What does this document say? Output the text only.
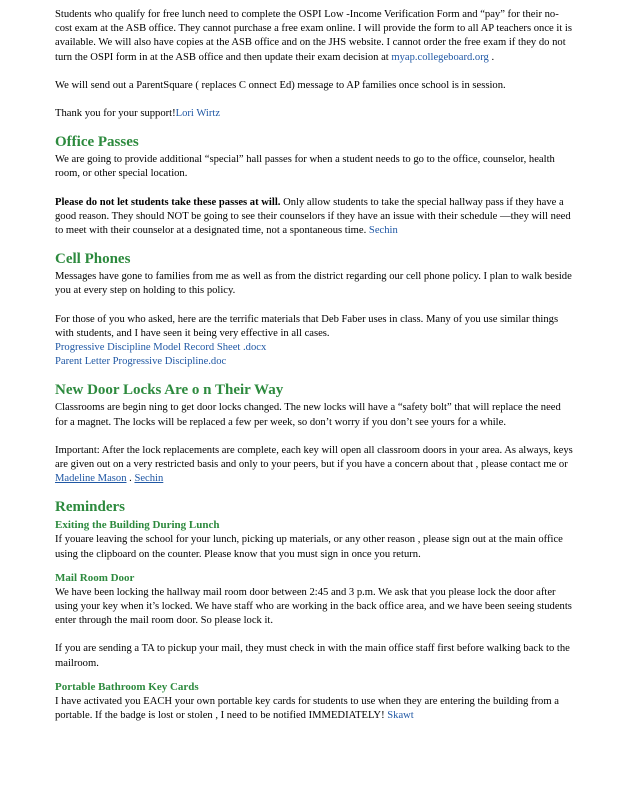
Students who qualify for free lunch need to complete the OSPI Low -Income Verification Form and “pay” for their no-cost exam at the ASB office. They cannot purchase a free exam online. I will provide the form to all AP teachers once it is available. We will also have copies at the ASB office and on the JHS website. I cannot order the free exam if they do not turn the OSPI form in at the ASB office and then update their exam decision at myap.collegeboard.org .

We will send out a ParentSquare ( replaces C onnect Ed) message to AP families once school is in session.

Thank you for your support!Lori Wirtz

Office Passes

We are going to provide additional “special” hall passes for when a student needs to go to the office, counselor, health room, or other special location.

Please do not let students take these passes at will. Only allow students to take the special hallway pass if they have a good reason. They should NOT be going to see their counselors if they have an issue with their schedule —they will need to meet with their counselor at a designated time, not a spontaneous time. Sechin

Cell Phones

Messages have gone to families from me as well as from the district regarding our cell phone policy. I plan to walk beside you at every step on holding to this policy.

For those of you who asked, here are the terrific materials that Deb Faber uses in class. Many of you use similar things with students, and I have seen it being very effective in all cases.

Progressive Discipline Model Record Sheet .docx

Parent Letter Progressive Discipline.doc

New Door Locks Are o n Their Way

Classrooms are begin ning to get door locks changed. The new locks will have a “safety bolt” that will replace the need for a magnet. The locks will be replaced a few per week, so don’t worry if you don’t see yours for a while.

Important: After the lock replacements are complete, each key will open all classroom doors in your area. As always, keys are given out on a very restricted basis and only to your peers, but if you have a concern about that , please contact me or Madeline Mason . Sechin

Reminders
Exiting the Building During Lunch

If youare leaving the school for your lunch, picking up materials, or any other reason , please sign out at the main office using the clipboard on the counter. Please know that you must sign in once you return.

Mail Room Door

We have been locking the hallway mail room door between 2:45 and 3 p.m. We ask that you please lock the door after using your key when it’s locked. We have staff who are working in the back office area, and we have been seeing students enter through the mail room door. So please lock it.

If you are sending a TA to pickup your mail, they must check in with the main office staff first before walking back to the mailroom.

Portable Bathroom Key Cards

I have activated you EACH your own portable key cards for students to use when they are entering the building from a portable. If the badge is lost or stolen , I need to be notified IMMEDIATELY! Skawt
